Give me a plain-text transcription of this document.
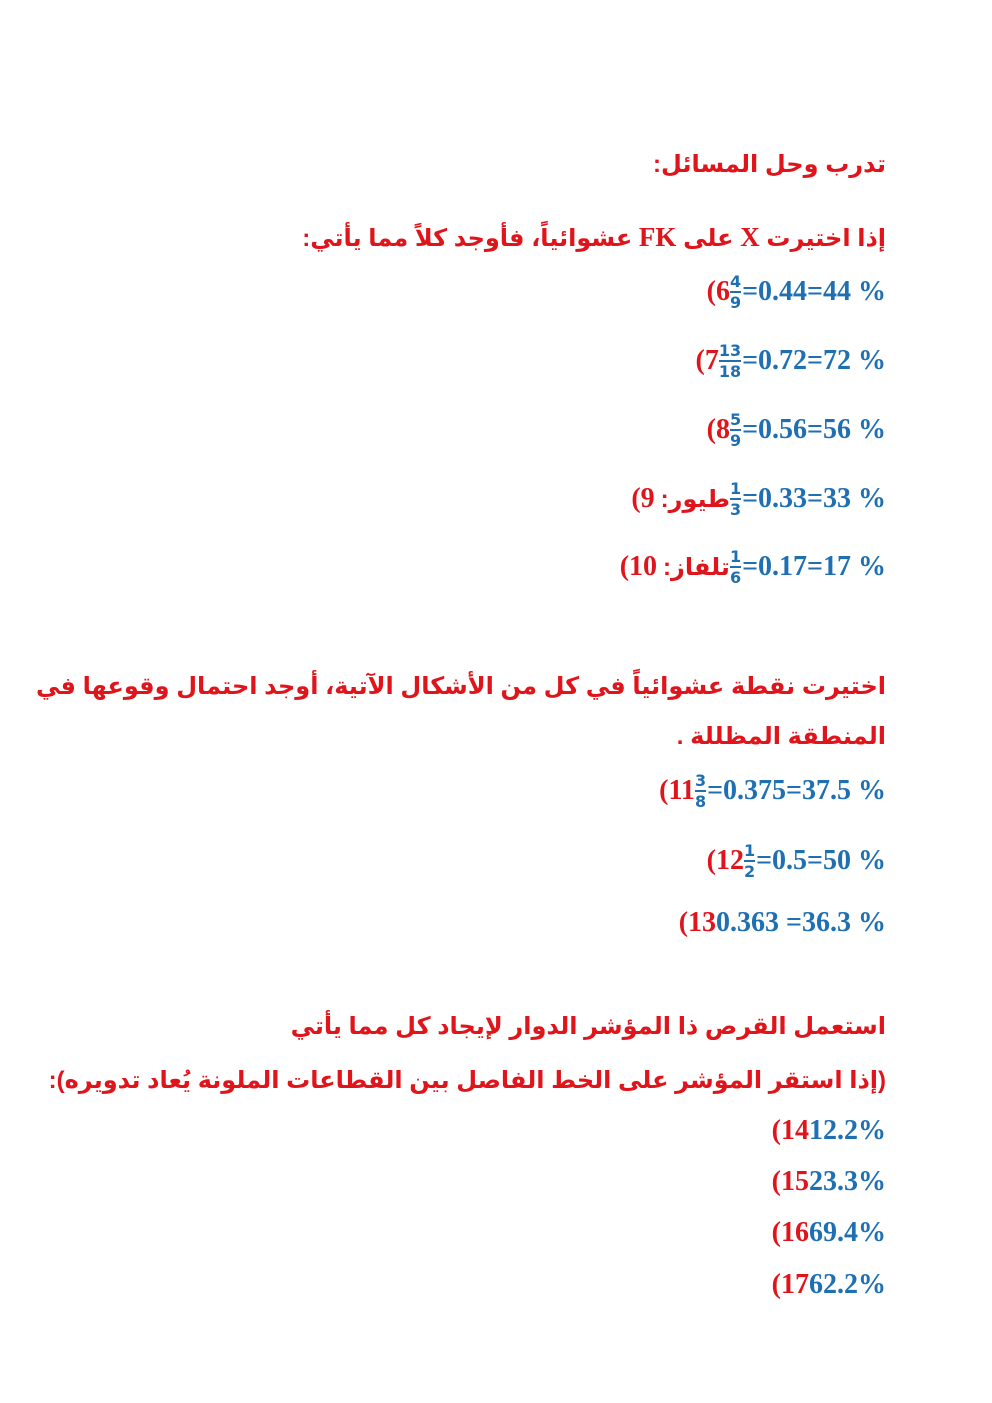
تدرب وحل المسائل:
إذا اختيرت X على FK عشوائياً، فأوجد كلاً مما يأتي:
$6) \frac{4}{9} =0.44=44$ %
$7) \frac{13}{18} =0.72=72$ %
$8) \frac{5}{9} =0.56=56$ %
9) طيور: $\frac{1}{3} =0.33=33$ %
10) تلفاز: $\frac{1}{6} =0.17=17$ %
اختيرت نقطة عشوائياً في كل من الأشكال الآتية، أوجد احتمال وقوعها في
المنطقة المظللة .
$11) \frac{3}{8} =0.375=37.5$ %
$12) \frac{1}{2} =0.5=50$ %
13) 0.363 =36.3 %
استعمل القرص ذا المؤشر الدوار لإيجاد كل مما يأتي
(إذا استقر المؤشر على الخط الفاصل بين القطاعات الملونة يُعاد تدويره):
14) 12.2%
15) 23.3%
16) 69.4%
17) 62.2%
